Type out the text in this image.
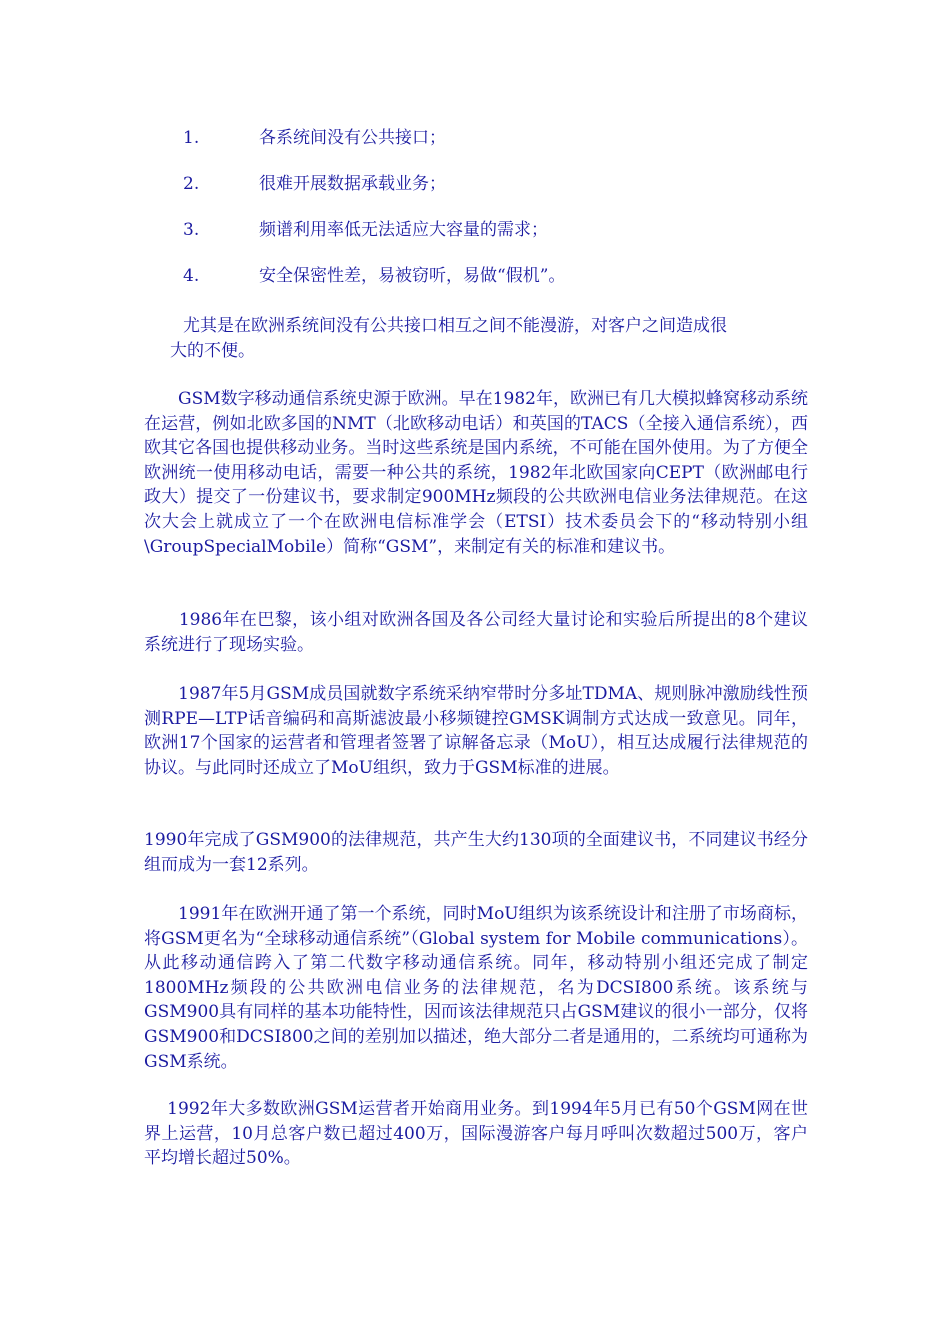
1.	各系统间没有公共接口；
2.	很难开展数据承载业务；
3.	频谱利用率低无法适应大容量的需求；
4.	安全保密性差，易被窃听，易做“假机”。

尤其是在欧洲系统间没有公共接口相互之间不能漫游，对客户之间造成很
大的不便。

　　GSM数字移动通信系统史源于欧洲。早在1982年，欧洲已有几大模拟蜂窝移动系统在运营，例如北欧多国的NMT（北欧移动电话）和英国的TACS（全接入通信系统），西欧其它各国也提供移动业务。当时这些系统是国内系统，不可能在国外使用。为了方便全欧洲统一使用移动电话，需要一种公共的系统，1982年北欧国家向CEPT（欧洲邮电行政大）提交了一份建议书，要求制定900MHz频段的公共欧洲电信业务法律规范。在这次大会上就成立了一个在欧洲电信标准学会（ETSI）技术委员会下的“移动特别小组\GroupSpecialMobile）简称“GSM”，来制定有关的标准和建议书。

　　1986年在巴黎，该小组对欧洲各国及各公司经大量讨论和实验后所提出的8个建议系统进行了现场实验。

　　1987年5月GSM成员国就数字系统采纳窄带时分多址TDMA、规则脉冲激励线性预测RPE—LTP话音编码和高斯滤波最小移频键控GMSK调制方式达成一致意见。同年，欧洲17个国家的运营者和管理者签署了谅解备忘录（MoU），相互达成履行法律规范的协议。与此同时还成立了MoU组织，致力于GSM标准的进展。

1990年完成了GSM900的法律规范，共产生大约130项的全面建议书，不同建议书经分组而成为一套12系列。

　　1991年在欧洲开通了第一个系统，同时MoU组织为该系统设计和注册了市场商标，将GSM更名为“全球移动通信系统”（Global system for Mobile communications）。从此移动通信跨入了第二代数字移动通信系统。同年，移动特别小组还完成了制定1800MHz频段的公共欧洲电信业务的法律规范，名为DCSI800系统。该系统与　　GSM900具有同样的基本功能特性，因而该法律规范只占GSM建议的很小一部分，仅将GSM900和DCSI800之间的差别加以描述，绝大部分二者是通用的，二系统均可通称为GSM系统。

　 1992年大多数欧洲GSM运营者开始商用业务。到1994年5月已有50个GSM网在世界上运营，10月总客户数已超过400万，国际漫游客户每月呼叫次数超过500万，客户平均增长超过50%。
